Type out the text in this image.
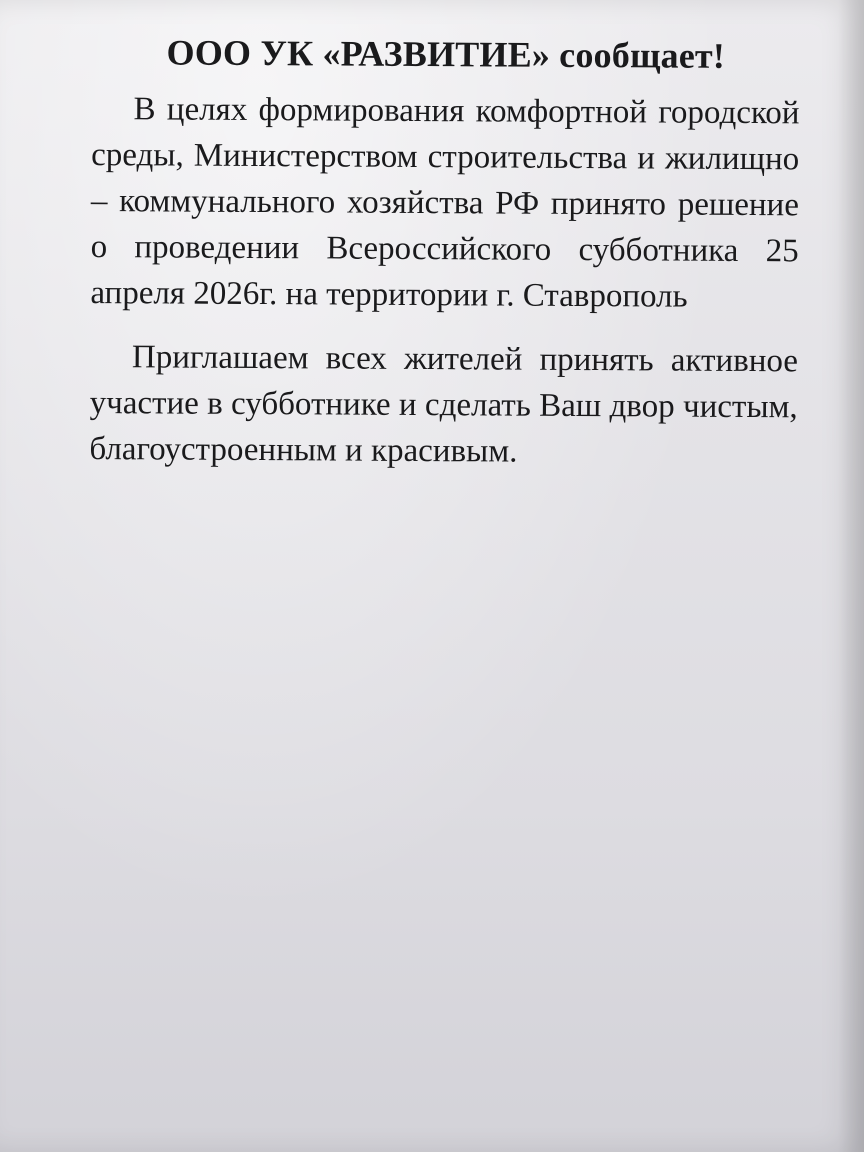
ООО УК «РАЗВИТИЕ» сообщает!

В целях формирования комфортной городской среды, Министерством строительства и жилищно – коммунального хозяйства РФ принято решение о проведении Всероссийского субботника 25 апреля 2026г. на территории г. Ставрополь

Приглашаем всех жителей принять активное участие в субботнике и сделать Ваш двор чистым, благоустроенным и красивым.
